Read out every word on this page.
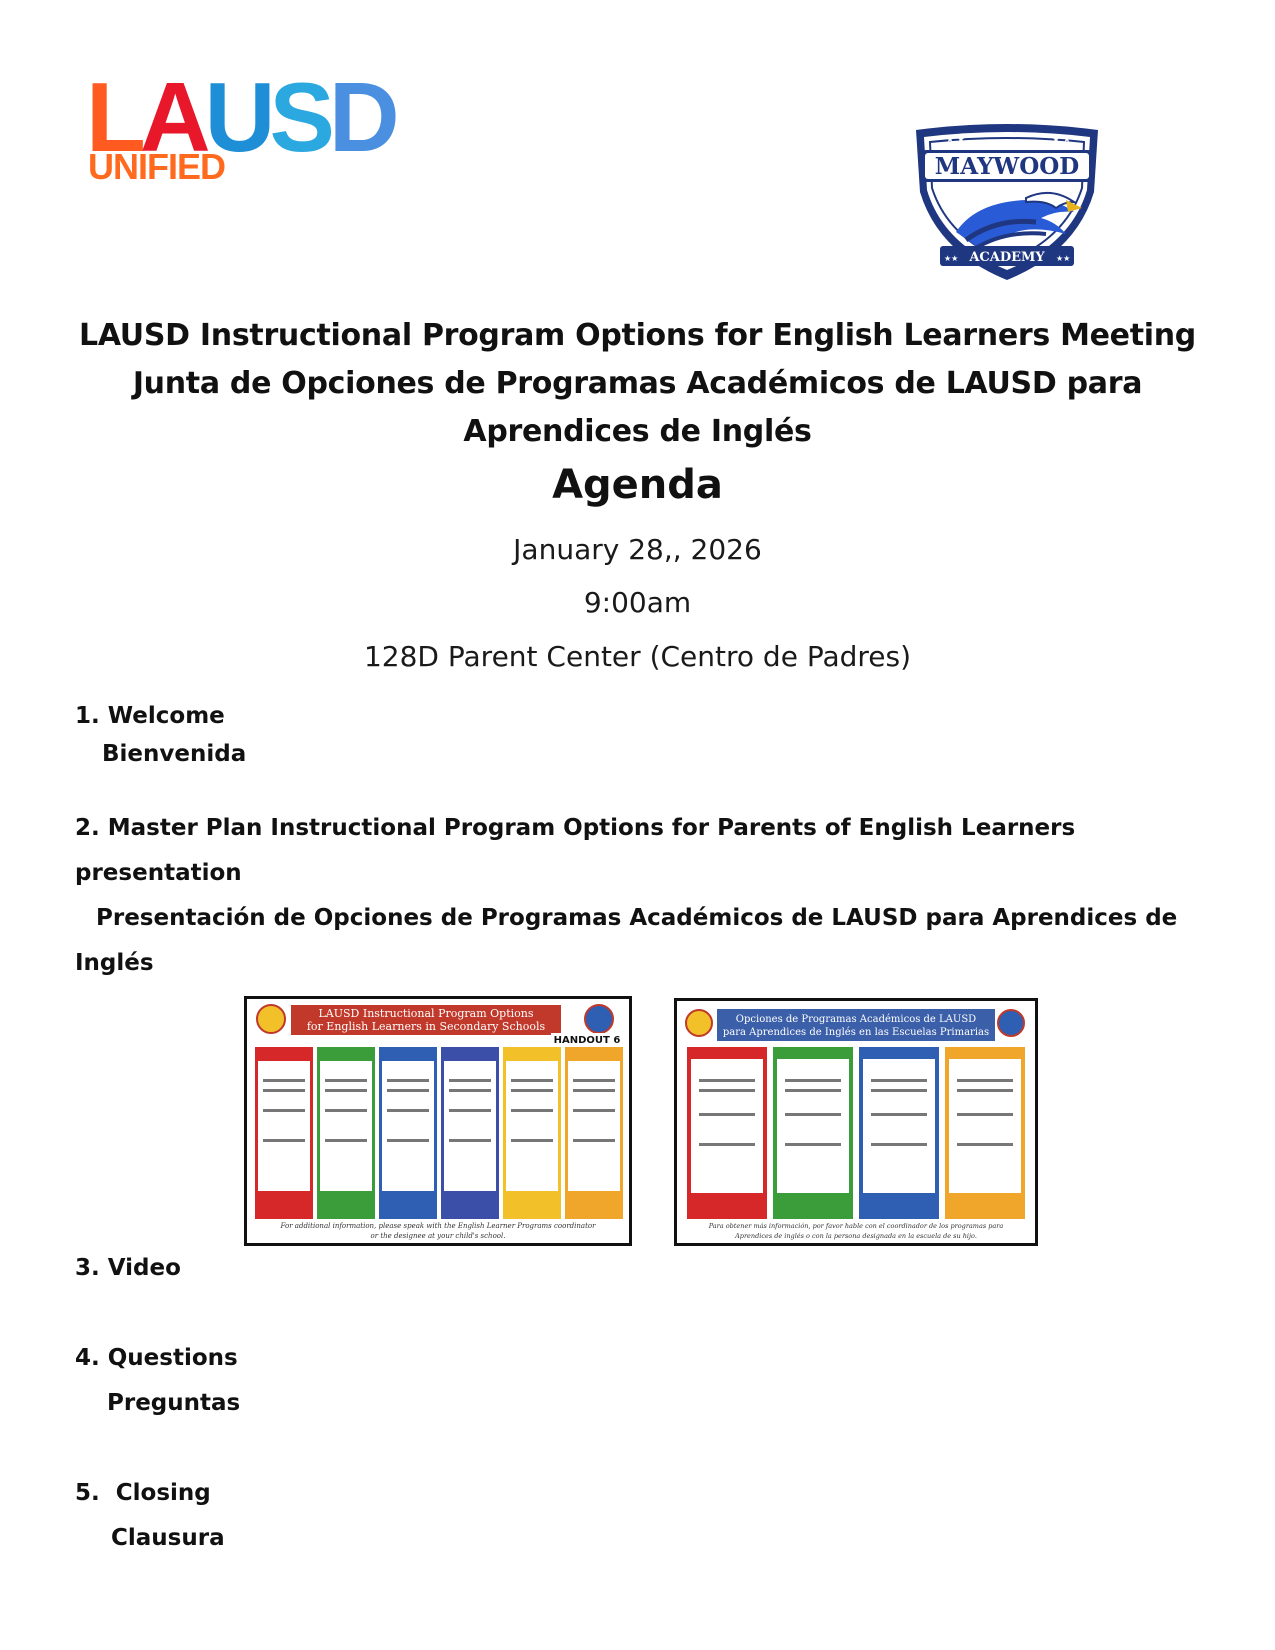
LAUSD
UNIFIED
★ ★	★ ★
MAYWOOD
ACADEMY
★★	★★
LAUSD Instructional Program Options for English Learners Meeting
Junta de Opciones de Programas Académicos de LAUSD para
Aprendices de Inglés
Agenda
January 28,, 2026
9:00am
128D Parent Center (Centro de Padres)
1. Welcome
Bienvenida
2. Master Plan Instructional Program Options for Parents of English Learners
presentation
Presentación de Opciones de Programas Académicos de LAUSD para Aprendices de
Inglés
LAUSD Instructional Program Options
for English Learners in Secondary Schools
HANDOUT 6
For additional information, please speak with the English Learner Programs coordinator
or the designee at your child's school.
Opciones de Programas Académicos de LAUSD
para Aprendices de Inglés en las Escuelas Primarias
Para obtener más información, por favor hable con el coordinador de los programas para
Aprendices de inglés o con la persona designada en la escuela de su hijo.
3. Video
4. Questions
Preguntas
5.  Closing
Clausura
